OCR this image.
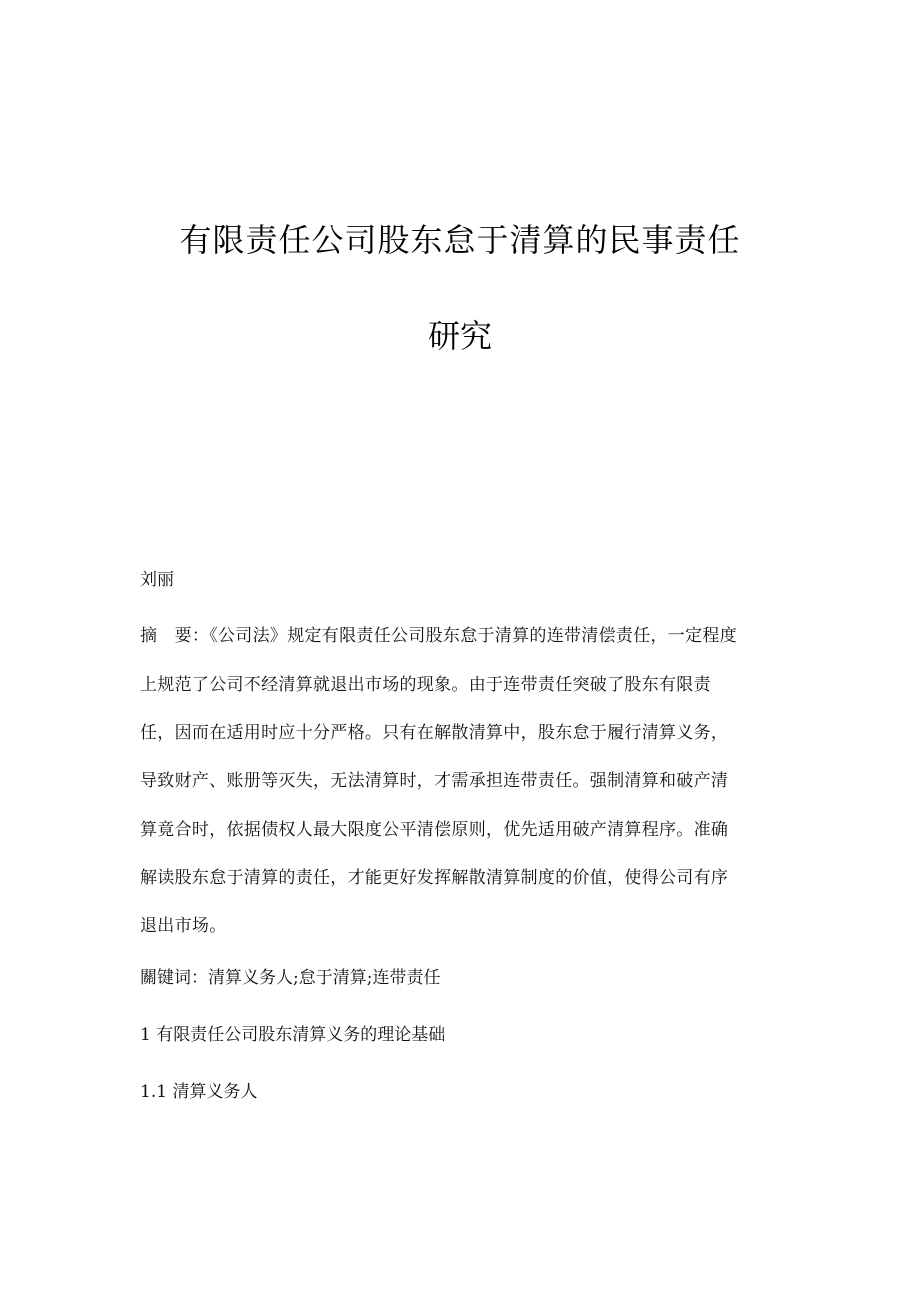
有限责任公司股东怠于清算的民事责任
研究

刘丽

摘　要：《公司法》规定有限责任公司股东怠于清算的连带清偿责任，一定程度

上规范了公司不经清算就退出市场的现象。由于连带责任突破了股东有限责

任，因而在适用时应十分严格。只有在解散清算中，股东怠于履行清算义务，

导致财产、账册等灭失，无法清算时，才需承担连带责任。强制清算和破产清

算竟合时，依据债权人最大限度公平清偿原则，优先适用破产清算程序。准确

解读股东怠于清算的责任，才能更好发挥解散清算制度的价值，使得公司有序

退出市场。

關键词：清算义务人;怠于清算;连带责任

1 有限责任公司股东清算义务的理论基础

1.1 清算义务人
